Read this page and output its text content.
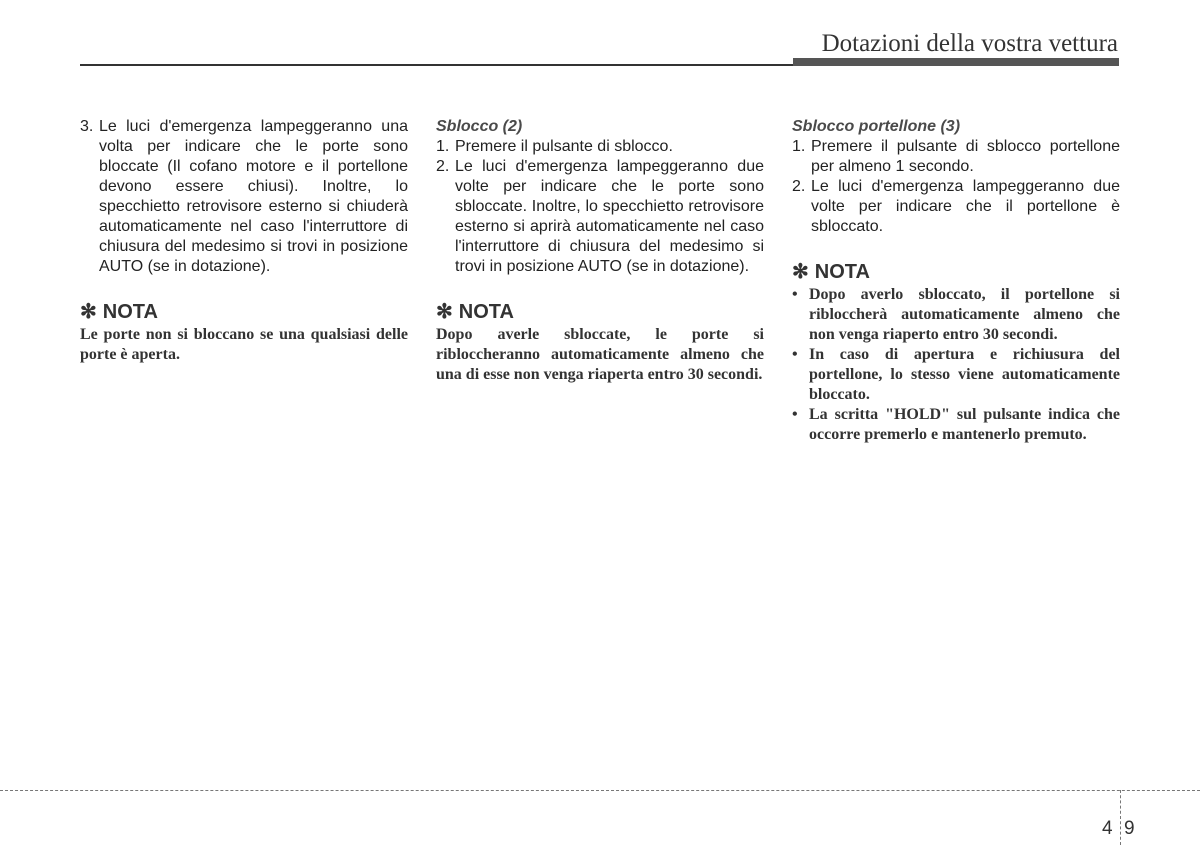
Dotazioni della vostra vettura
3. Le luci d'emergenza lampeggeranno una volta per indicare che le porte sono bloccate (Il cofano motore e il portellone devono essere chiusi). Inoltre, lo specchietto retrovisore esterno si chiuderà automaticamente nel caso l'interruttore di chiusura del medesimo si trovi in posizione AUTO (se in dotazione).
✻ NOTA
Le porte non si bloccano se una qualsiasi delle porte è aperta.
Sblocco (2)
1. Premere il pulsante di sblocco.
2. Le luci d'emergenza lampeggeranno due volte per indicare che le porte sono sbloccate. Inoltre, lo specchietto retrovisore esterno si aprirà automaticamente nel caso l'interruttore di chiusura del medesimo si trovi in posizione AUTO (se in dotazione).
✻ NOTA
Dopo averle sbloccate, le porte si ribloccheranno automaticamente almeno che una di esse non venga riaperta entro 30 secondi.
Sblocco portellone (3)
1. Premere il pulsante di sblocco portellone per almeno 1 secondo.
2. Le luci d'emergenza lampeggeranno due volte per indicare che il portellone è sbloccato.
✻ NOTA
• Dopo averlo sbloccato, il portellone si ribloccherà automaticamente almeno che non venga riaperto entro 30 secondi.
• In caso di apertura e richiusura del portellone, lo stesso viene automaticamente bloccato.
• La scritta "HOLD" sul pulsante indica che occorre premerlo e mantenerlo premuto.
4 9
